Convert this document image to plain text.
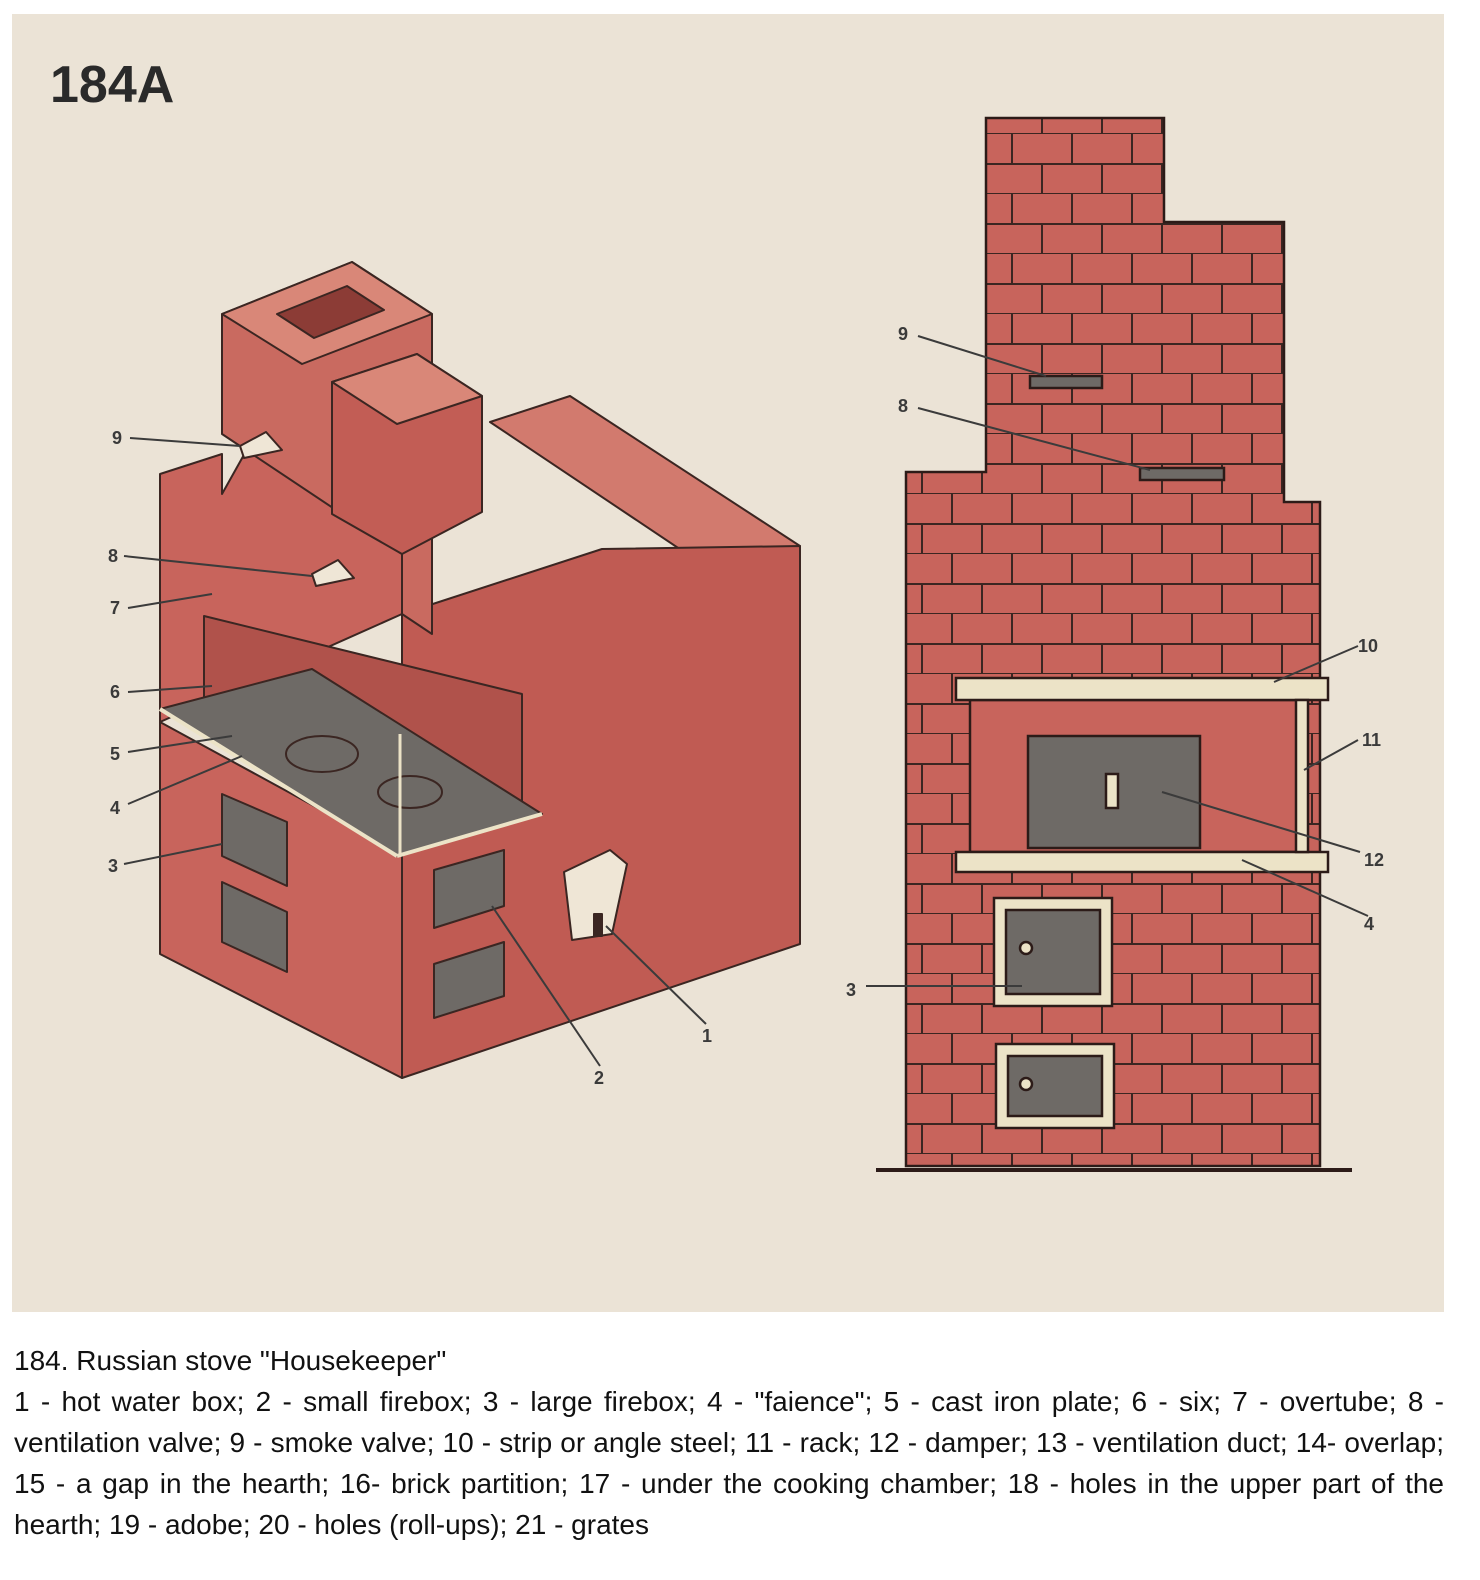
184A
9
8
7
6
5
4
3
2
1
9
8
10
11
12
4
3
184. Russian stove "Housekeeper"
1 - hot water box; 2 - small firebox; 3 - large firebox; 4 - "faience"; 5 - cast iron plate; 6 - six; 7 - overtube; 8 - ventilation valve; 9 - smoke valve; 10 - strip or angle steel; 11 - rack; 12 - damper; 13 - ventilation duct; 14- overlap; 15 - a gap in the hearth; 16- brick partition; 17 - under the cooking chamber; 18 - holes in the upper part of the hearth; 19 - adobe; 20 - holes (roll-ups); 21 - grates
